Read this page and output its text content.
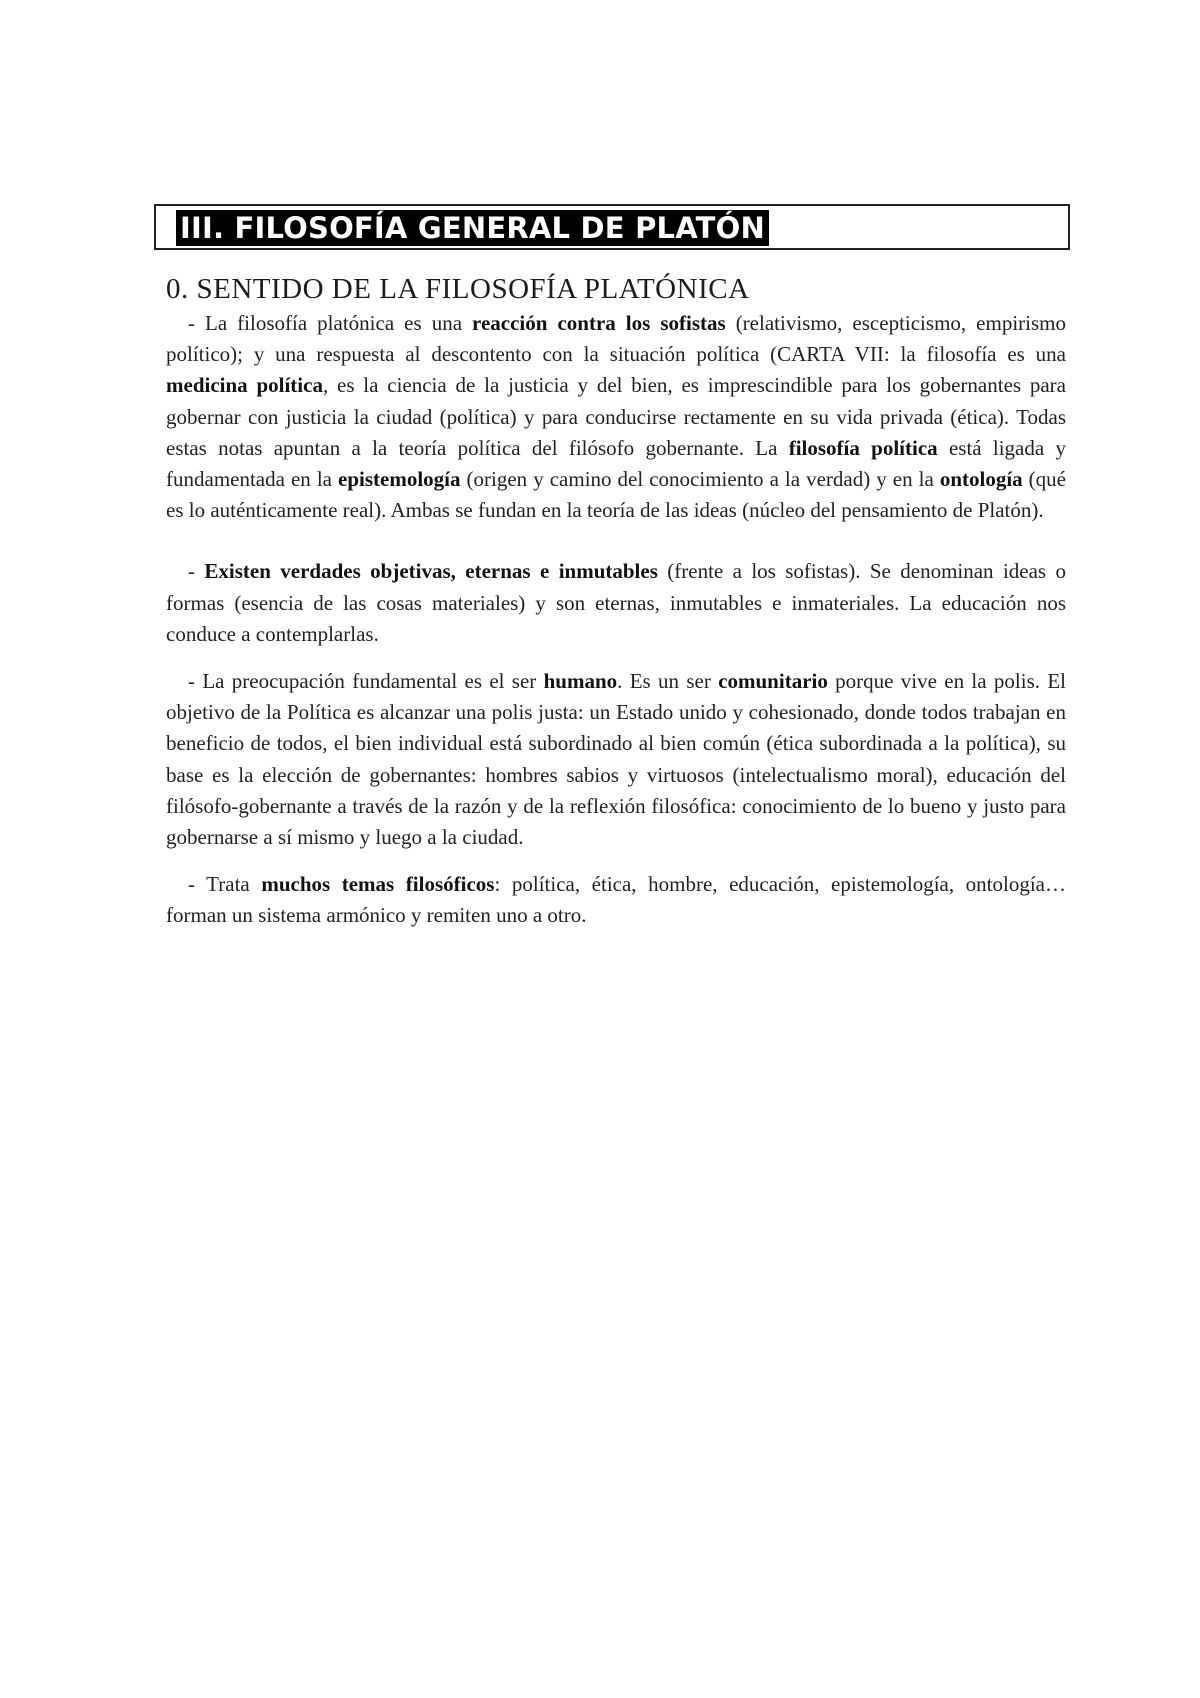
III. FILOSOFÍA GENERAL DE PLATÓN
0. SENTIDO DE LA FILOSOFÍA PLATÓNICA

- La filosofía platónica es una reacción contra los sofistas (relativismo, escepticismo, empirismo político); y una respuesta al descontento con la situación política (CARTA VII: la filosofía es una medicina política, es la ciencia de la justicia y del bien, es imprescindible para los gobernantes para gobernar con justicia la ciudad (política) y para conducirse rectamente en su vida privada (ética). Todas estas notas apuntan a la teoría política del filósofo gobernante. La filosofía política está ligada y fundamentada en la epistemología (origen y camino del conocimiento a la verdad) y en la ontología (qué es lo auténticamente real). Ambas se fundan en la teoría de las ideas (núcleo del pensamiento de Platón).

- Existen verdades objetivas, eternas e inmutables (frente a los sofistas). Se denominan ideas o formas (esencia de las cosas materiales) y son eternas, inmutables e inmateriales. La educación nos conduce a contemplarlas.

- La preocupación fundamental es el ser humano. Es un ser comunitario porque vive en la polis. El objetivo de la Política es alcanzar una polis justa: un Estado unido y cohesionado, donde todos trabajan en beneficio de todos, el bien individual está subordinado al bien común (ética subordinada a la política), su base es la elección de gobernantes: hombres sabios y virtuosos (intelectualismo moral), educación del filósofo-gobernante a través de la razón y de la reflexión filosófica: conocimiento de lo bueno y justo para gobernarse a sí mismo y luego a la ciudad.

- Trata muchos temas filosóficos: política, ética, hombre, educación, epistemología, ontología… forman un sistema armónico y remiten uno a otro.
